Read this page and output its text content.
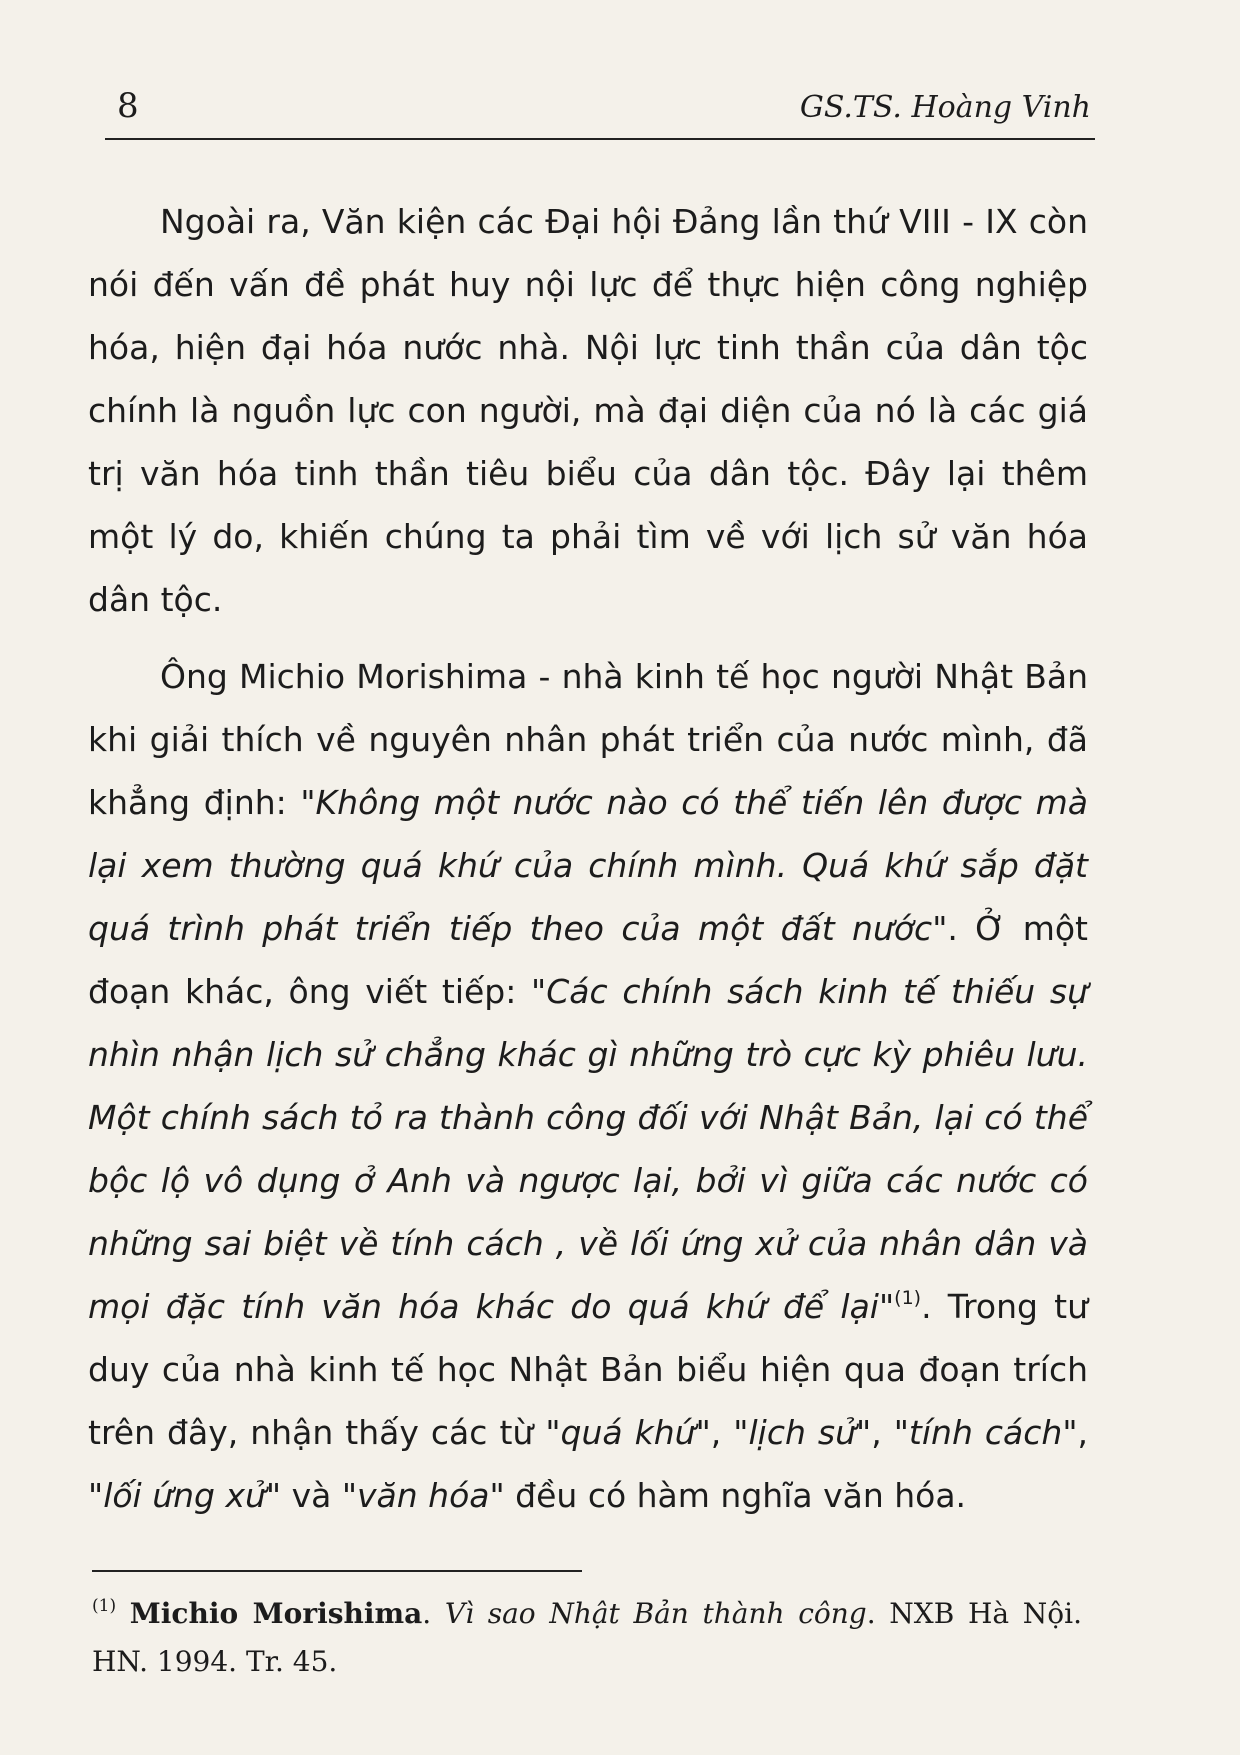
8	GS.TS. Hoàng Vinh

Ngoài ra, Văn kiện các Đại hội Đảng lần thứ VIII - IX còn nói đến vấn đề phát huy nội lực để thực hiện công nghiệp hóa, hiện đại hóa nước nhà. Nội lực tinh thần của dân tộc chính là nguồn lực con người, mà đại diện của nó là các giá trị văn hóa tinh thần tiêu biểu của dân tộc. Đây lại thêm một lý do, khiến chúng ta phải tìm về với lịch sử văn hóa dân tộc.

Ông Michio Morishima - nhà kinh tế học người Nhật Bản khi giải thích về nguyên nhân phát triển của nước mình, đã khẳng định: "Không một nước nào có thể tiến lên được mà lại xem thường quá khứ của chính mình. Quá khứ sắp đặt quá trình phát triển tiếp theo của một đất nước". Ở một đoạn khác, ông viết tiếp: "Các chính sách kinh tế thiếu sự nhìn nhận lịch sử chẳng khác gì những trò cực kỳ phiêu lưu. Một chính sách tỏ ra thành công đối với Nhật Bản, lại có thể bộc lộ vô dụng ở Anh và ngược lại, bởi vì giữa các nước có những sai biệt về tính cách , về lối ứng xử của nhân dân và mọi đặc tính văn hóa khác do quá khứ để lại"$^{(1)}$. Trong tư duy của nhà kinh tế học Nhật Bản biểu hiện qua đoạn trích trên đây, nhận thấy các từ "quá khứ", "lịch sử", "tính cách", "lối ứng xử" và "văn hóa" đều có hàm nghĩa văn hóa.

$^{(1)}$ Michio Morishima. Vì sao Nhật Bản thành công. NXB Hà Nội. HN. 1994. Tr. 45.
